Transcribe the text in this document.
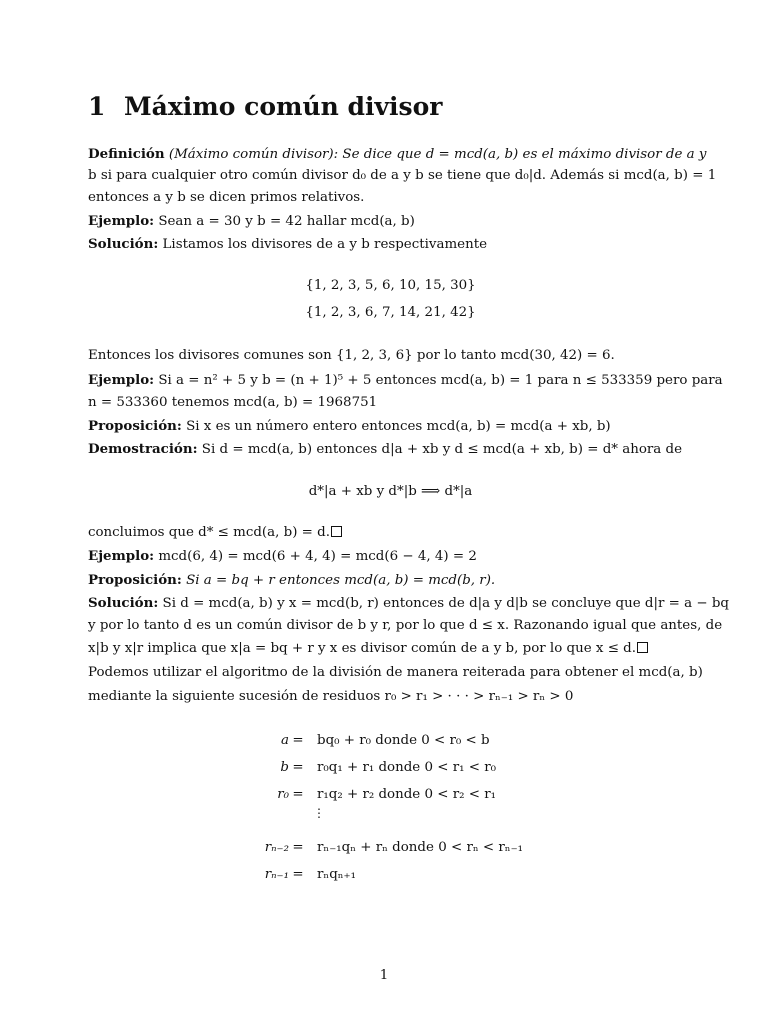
1 Máximo común divisor
Definición (Máximo común divisor): Se dice que d = mcd(a, b) es el máximo divisor de a y
b si para cualquier otro común divisor d₀ de a y b se tiene que d₀|d. Además si mcd(a, b) = 1
entonces a y b se dicen primos relativos.
Ejemplo: Sean a = 30 y b = 42 hallar mcd(a, b)
Solución: Listamos los divisores de a y b respectivamente
{1, 2, 3, 5, 6, 10, 15, 30}
{1, 2, 3, 6, 7, 14, 21, 42}
Entonces los divisores comunes son {1, 2, 3, 6} por lo tanto mcd(30, 42) = 6.
Ejemplo: Si a = n² + 5 y b = (n + 1)⁵ + 5 entonces mcd(a, b) = 1 para n ≤ 533359 pero para
n = 533360 tenemos mcd(a, b) = 1968751
Proposición: Si x es un número entero entonces mcd(a, b) = mcd(a + xb, b)
Demostración: Si d = mcd(a, b) entonces d|a + xb y d ≤ mcd(a + xb, b) = d* ahora de
d*|a + xb y d*|b ⟹ d*|a
concluimos que d* ≤ mcd(a, b) = d.
Ejemplo: mcd(6, 4) = mcd(6 + 4, 4) = mcd(6 − 4, 4) = 2
Proposición: Si a = bq + r entonces mcd(a, b) = mcd(b, r).
Solución: Si d = mcd(a, b) y x = mcd(b, r) entonces de d|a y d|b se concluye que d|r = a − bq
y por lo tanto d es un común divisor de b y r, por lo que d ≤ x. Razonando igual que antes, de
x|b y x|r implica que x|a = bq + r y x es divisor común de a y b, por lo que x ≤ d.
Podemos utilizar el algoritmo de la división de manera reiterada para obtener el mcd(a, b)
mediante la siguiente sucesión de residuos r₀ > r₁ > · · · > rₙ₋₁ > rₙ > 0
a = bq₀ + r₀ donde 0 < r₀ < b
b = r₀q₁ + r₁ donde 0 < r₁ < r₀
r₀ = r₁q₂ + r₂ donde 0 < r₂ < r₁
⋮
rₙ₋₂ = rₙ₋₁qₙ + rₙ donde 0 < rₙ < rₙ₋₁
rₙ₋₁ = rₙqₙ₊₁
1
